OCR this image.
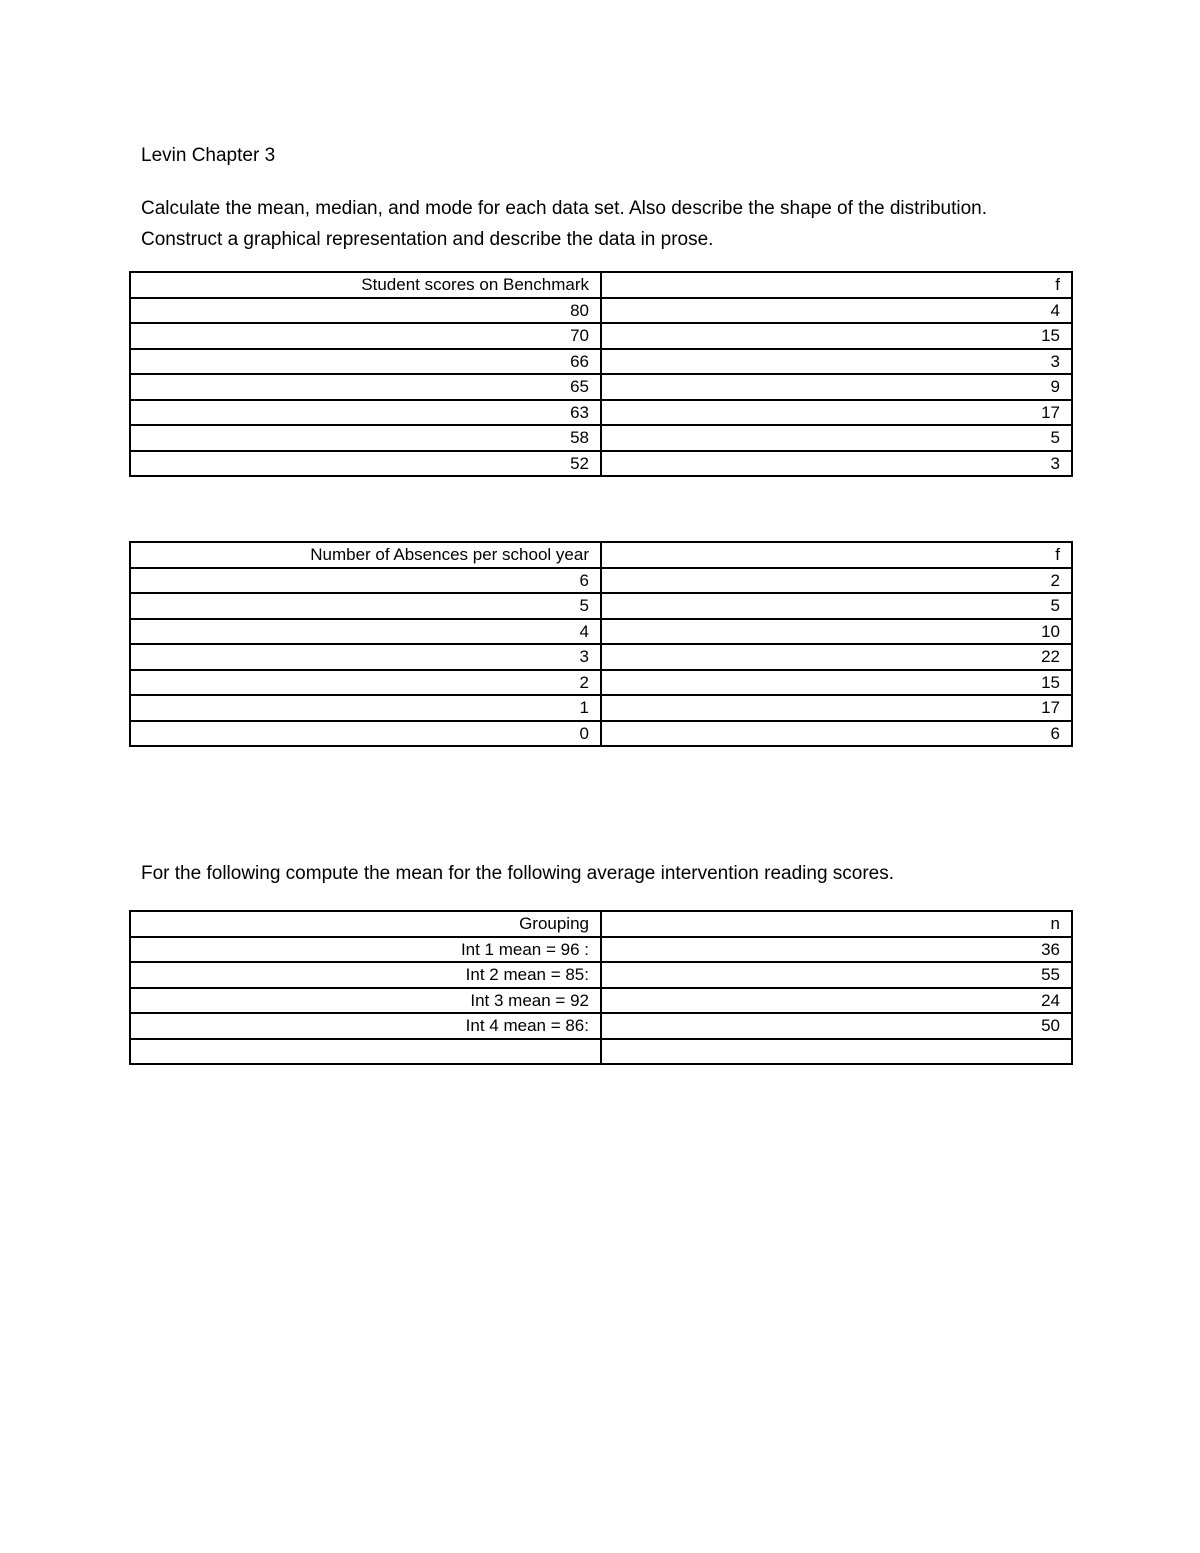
Levin Chapter 3
Calculate the mean, median, and mode for each data set. Also describe the shape of the distribution.
Construct a graphical representation and describe the data in prose.
Student scores on Benchmark	f
80	4
70	15
66	3
65	9
63	17
58	5
52	3
Number of Absences per school year	f
6	2
5	5
4	10
3	22
2	15
1	17
0	6
For the following compute the mean for the following average intervention reading scores.
Grouping	n
Int 1 mean = 96 :	36
Int 2 mean = 85:	55
Int 3 mean = 92	24
Int 4 mean = 86:	50
